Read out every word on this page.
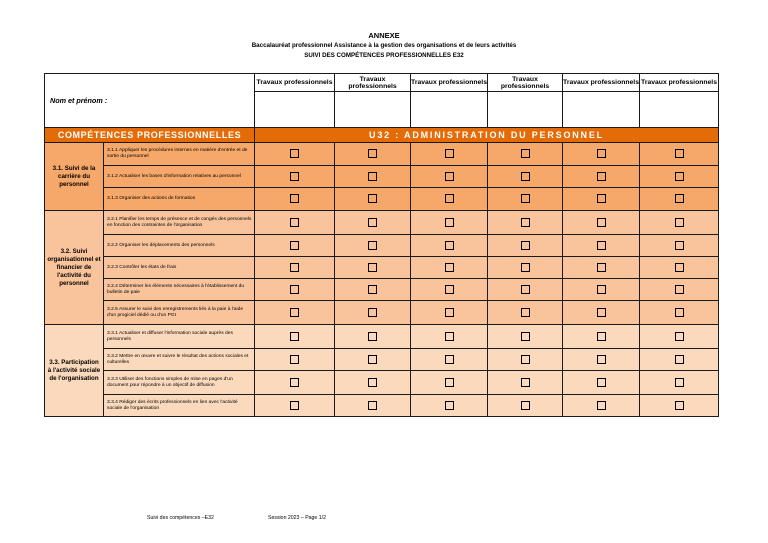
ANNEXE
Baccalauréat professionnel Assistance à la gestion des organisations et de leurs activités
SUIVI DES COMPÉTENCES PROFESSIONNELLES E32
Nom et prénom :		Travaux professionnels	Travaux professionnels	Travaux professionnels	Travaux professionnels	Travaux professionnels	Travaux professionnels

COMPÉTENCES PROFESSIONNELLES		U32 : ADMINISTRATION DU PERSONNEL					
3.1. Suivi de la carrière du personnel	3.1.1 Appliquer les procédures internes en matière d'entrée et de sortie du personnel						
	3.1.2 Actualiser les bases d'information relatives au personnel						
	3.1.3 Organiser des actions de formation						
3.2. Suivi organisationnel et financier de l'activité du personnel	3.2.1 Planifier les temps de présence et de congés des personnels en fonction des contraintes de l'organisation						
	3.2.2 Organiser les déplacements des personnels						
	3.2.3 Contrôler les états de frais						
	3.2.4 Déterminer les éléments nécessaires à l'établissement du bulletin de paie						
	3.2.5 Assurer le suivi des enregistrements liés à la paie à l'aide d'un progiciel dédié ou d'un PGI						
3.3. Participation à l'activité sociale de l'organisation	3.3.1 Actualiser et diffuser l'information sociale auprès des personnels						
	3.3.2 Mettre en œuvre et suivre le résultat des actions sociales et culturelles						
	3.3.3 Utiliser des fonctions simples de mise en pages d'un document pour répondre à un objectif de diffusion						
	3.3.4 Rédiger des écrits professionnels en lien avec l'activité sociale de l'organisation						
Suivi des compétences –E32	Session 2023 – Page 1/2
